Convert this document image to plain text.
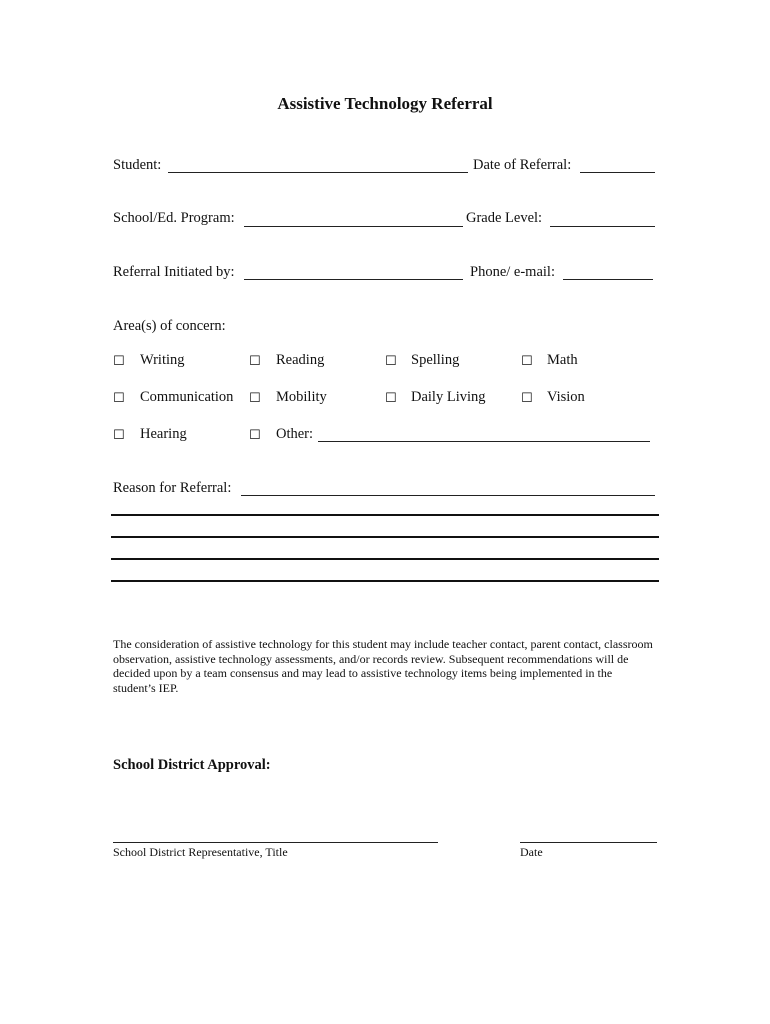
Assistive Technology Referral
Student:	Date of Referral:
School/Ed. Program:	Grade Level:
Referral Initiated by:	Phone/ e-mail:
Area(s) of concern:
☐ Writing	☐ Reading	☐ Spelling	☐ Math
☐ Communication ☐ Mobility	☐ Daily Living	☐ Vision
☐ Hearing	☐ Other:
Reason for Referral:
The consideration of assistive technology for this student may include teacher contact, parent contact, classroom observation, assistive technology assessments, and/or records review. Subsequent recommendations will de decided upon by a team consensus and may lead to assistive technology items being implemented in the student’s IEP.
School District Approval:
School District Representative, Title	Date
